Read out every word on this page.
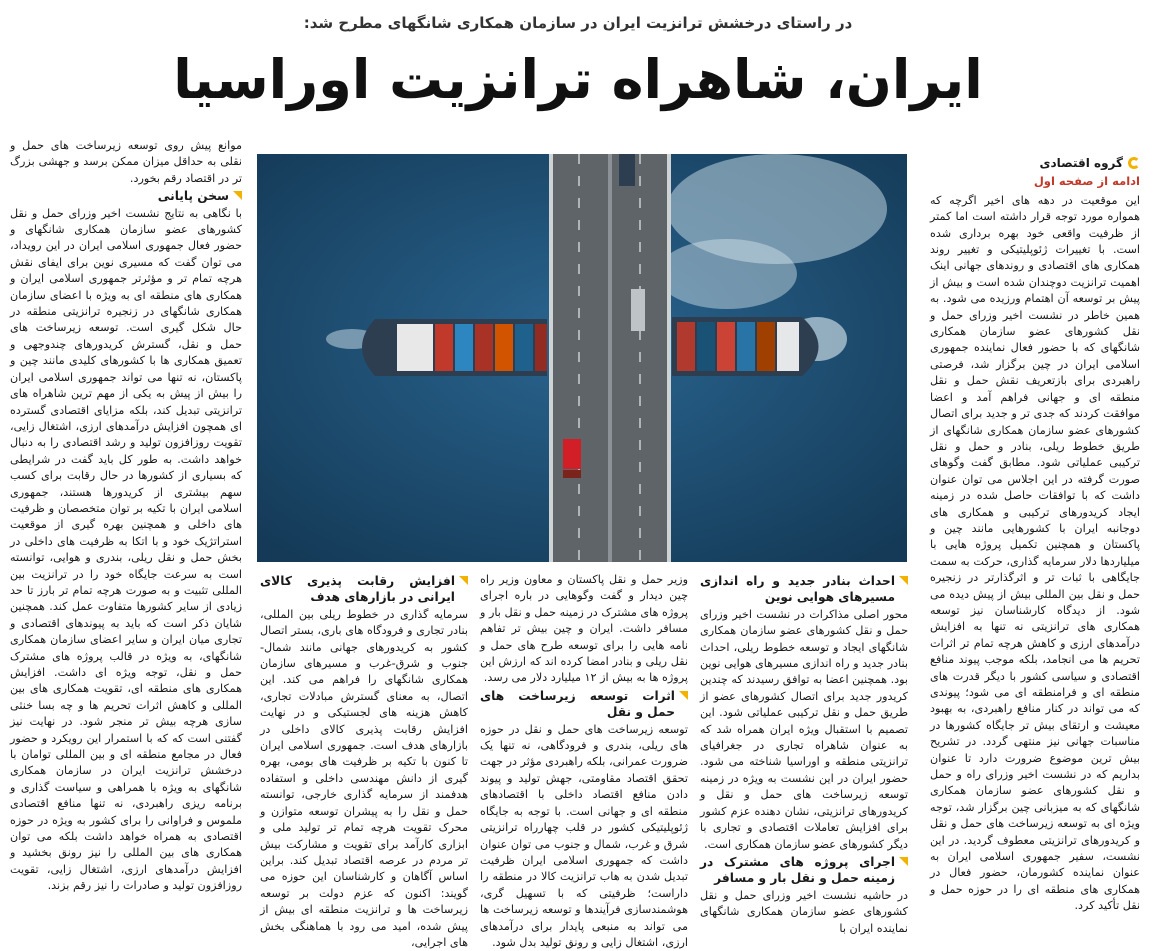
در راستای درخشش ترانزیت ایران در سازمان همکاری شانگهای مطرح شد:
ایران، شاهراه ترانزیت اوراسیا
گروه اقتصادی
ادامه از صفحه اول

این موقعیت در دهه های اخیر اگرچه که همواره مورد توجه قرار داشته است اما کمتر از ظرفیت واقعی خود بهره برداری شده است. با تغییرات ژئوپلیتیکی و تغییر روند همکاری های اقتصادی و روندهای جهانی اینک اهمیت ترانزیت دوچندان شده است و بیش از پیش بر توسعه آن اهتمام ورزیده می شود. به همین خاطر در نشست اخیر وزرای حمل و نقل کشورهای عضو سازمان همکاری شانگهای که با حضور فعال نماینده جمهوری اسلامی ایران در چین برگزار شد، فرصتی راهبردی برای بازتعریف نقش حمل و نقل منطقه ای و جهانی فراهم آمد و اعضا موافقت کردند که جدی تر و جدید برای اتصال کشورهای عضو سازمان همکاری شانگهای از طریق خطوط ریلی، بنادر و حمل و نقل ترکیبی عملیاتی شود. مطابق گفت وگوهای صورت گرفته در این اجلاس می توان عنوان داشت که با توافقات حاصل شده در زمینه ایجاد کریدورهای ترکیبی و همکاری های دوجانبه ایران با کشورهایی مانند چین و پاکستان و همچنین تکمیل پروژه هایی با میلیاردها دلار سرمایه گذاری، حرکت به سمت جایگاهی با ثبات تر و اثرگذارتر در زنجیره حمل و نقل بین المللی بیش از پیش دیده می شود. از دیدگاه کارشناسان نیز توسعه همکاری های ترانزیتی نه تنها به افزایش درآمدهای ارزی و کاهش هرچه تمام تر اثرات تحریم ها می انجامد، بلکه موجب پیوند منافع اقتصادی و سیاسی کشور با دیگر قدرت های منطقه ای و فرامنطقه ای می شود؛ پیوندی که می تواند در کنار منافع راهبردی، به بهبود معیشت و ارتقای بیش تر جایگاه کشورها در مناسبات جهانی نیز منتهی گردد. در تشریح بیش ترین موضوع ضرورت دارد تا عنوان بداریم که در نشست اخیر وزرای راه و حمل و نقل کشورهای عضو سازمان همکاری شانگهای که به میزبانی چین برگزار شد، توجه ویژه ای به توسعه زیرساخت های حمل و نقل و کریدورهای ترانزیتی معطوف گردید. در این نشست، سفیر جمهوری اسلامی ایران به عنوان نماینده کشورمان، حضور فعال در همکاری های منطقه ای را در حوزه حمل و نقل تأکید کرد.

احداث بنادر جدید و راه اندازی مسیرهای هوایی نوین

محور اصلی مذاکرات در نشست اخیر وزرای حمل و نقل کشورهای عضو سازمان همکاری شانگهای ایجاد و توسعه خطوط ریلی، احداث بنادر جدید و راه اندازی مسیرهای هوایی نوین بود. همچنین اعضا به توافق رسیدند که چندین کریدور جدید برای اتصال کشورهای عضو از طریق حمل و نقل ترکیبی عملیاتی شود. این تصمیم با استقبال ویژه ایران همراه شد که به عنوان شاهراه تجاری در جغرافیای ترانزیتی منطقه و اوراسیا شناخته می شود. حضور ایران در این نشست به ویژه در زمینه توسعه زیرساخت های حمل و نقل و کریدورهای ترانزیتی، نشان دهنده عزم کشور برای افزایش تعاملات اقتصادی و تجاری با دیگر کشورهای عضو سازمان همکاری است.

اجرای پروژه های مشترک در زمینه حمل و نقل بار و مسافر

در حاشیه نشست اخیر وزرای حمل و نقل کشورهای عضو سازمان همکاری شانگهای نماینده ایران با

وزیر حمل و نقل پاکستان و معاون وزیر راه چین دیدار و گفت وگوهایی در باره اجرای پروژه های مشترک در زمینه حمل و نقل بار و مسافر داشت. ایران و چین بیش تر تفاهم نامه هایی را برای توسعه طرح های حمل و نقل ریلی و بنادر امضا کرده اند که ارزش این پروژه ها به بیش از ۱۲ میلیارد دلار می رسد.

اثرات توسعه زیرساخت های حمل و نقل

توسعه زیرساخت های حمل و نقل در حوزه های ریلی، بندری و فرودگاهی، نه تنها یک ضرورت عمرانی، بلکه راهبردی مؤثر در جهت تحقق اقتصاد مقاومتی، جهش تولید و پیوند دادن منافع اقتصاد داخلی با اقتصادهای منطقه ای و جهانی است. با توجه به جایگاه ژئوپلیتیکی کشور در قلب چهارراه ترانزیتی شرق و غرب، شمال و جنوب می توان عنوان داشت که جمهوری اسلامی ایران ظرفیت تبدیل شدن به هاب ترانزیت کالا در منطقه را داراست؛ ظرفیتی که با تسهیل گری، هوشمندسازی فرآیندها و توسعه زیرساخت ها می تواند به منبعی پایدار برای درآمدهای ارزی، اشتغال زایی و رونق تولید بدل شود.

افزایش رقابت پذیری کالای ایرانی در بازارهای هدف

سرمایه گذاری در خطوط ریلی بین المللی، بنادر تجاری و فرودگاه های باری، بستر اتصال کشور به کریدورهای جهانی مانند شمال-جنوب و شرق-غرب و مسیرهای سازمان همکاری شانگهای را فراهم می کند. این اتصال، به معنای گسترش مبادلات تجاری، کاهش هزینه های لجستیکی و در نهایت افزایش رقابت پذیری کالای داخلی در بازارهای هدف است. جمهوری اسلامی ایران تا کنون با تکیه بر ظرفیت های بومی، بهره گیری از دانش مهندسی داخلی و استفاده هدفمند از سرمایه گذاری خارجی، توانسته حمل و نقل را به پیشران توسعه متوازن و محرک تقویت هرچه تمام تر تولید ملی و ابزاری کارآمد برای تقویت و مشارکت بیش تر مردم در عرصه اقتصاد تبدیل کند. براین اساس آگاهان و کارشناسان این حوزه می گویند: اکنون که عزم دولت بر توسعه زیرساخت ها و ترانزیت منطقه ای بیش از پیش شده، امید می رود با هماهنگی بخش های اجرایی،

موانع پیش روی توسعه زیرساخت های حمل و نقلی به حداقل میزان ممکن برسد و جهشی بزرگ تر در اقتصاد رقم بخورد.

سخن پایانی

با نگاهی به نتایج نشست اخیر وزرای حمل و نقل کشورهای عضو سازمان همکاری شانگهای و حضور فعال جمهوری اسلامی ایران در این رویداد، می توان گفت که مسیری نوین برای ایفای نقش هرچه تمام تر و مؤثرتر جمهوری اسلامی ایران و همکاری های منطقه ای به ویژه با اعضای سازمان همکاری شانگهای در زنجیره ترانزیتی منطقه در حال شکل گیری است. توسعه زیرساخت های حمل و نقل، گسترش کریدورهای چندوجهی و تعمیق همکاری ها با کشورهای کلیدی مانند چین و پاکستان، نه تنها می تواند جمهوری اسلامی ایران را بیش از پیش به یکی از مهم ترین شاهراه های ترانزیتی تبدیل کند، بلکه مزایای اقتصادی گسترده ای همچون افزایش درآمدهای ارزی، اشتغال زایی، تقویت روزافزون تولید و رشد اقتصادی را به دنبال خواهد داشت. به طور کل باید گفت در شرایطی که بسیاری از کشورها در حال رقابت برای کسب سهم بیشتری از کریدورها هستند، جمهوری اسلامی ایران با تکیه بر توان متخصصان و ظرفیت های داخلی و همچنین بهره گیری از موقعیت استراتژیک خود و با اتکا به ظرفیت های داخلی در بخش حمل و نقل ریلی، بندری و هوایی، توانسته است به سرعت جایگاه خود را در ترانزیت بین المللی تثبیت و به صورت هرچه تمام تر بارز تا حد زیادی از سایر کشورها متفاوت عمل کند. همچنین شایان ذکر است که باید به پیوندهای اقتصادی و تجاری میان ایران و سایر اعضای سازمان همکاری شانگهای، به ویژه در قالب پروژه های مشترک حمل و نقل، توجه ویژه ای داشت. افزایش همکاری های منطقه ای، تقویت همکاری های بین المللی و کاهش اثرات تحریم ها و چه بسا خنثی سازی هرچه بیش تر منجر شود. در نهایت نیز گفتنی است که که با استمرار این رویکرد و حضور فعال در مجامع منطقه ای و بین المللی توامان با درخشش ترانزیت ایران در سازمان همکاری شانگهای به ویژه با همراهی و سیاست گذاری و برنامه ریزی راهبردی، نه تنها منافع اقتصادی ملموس و فراوانی را برای کشور به ویژه در حوزه اقتصادی به همراه خواهد داشت بلکه می توان همکاری های بین المللی را نیز رونق بخشید و افزایش درآمدهای ارزی، اشتغال زایی، تقویت روزافزون تولید و صادرات را نیز رقم بزند.
